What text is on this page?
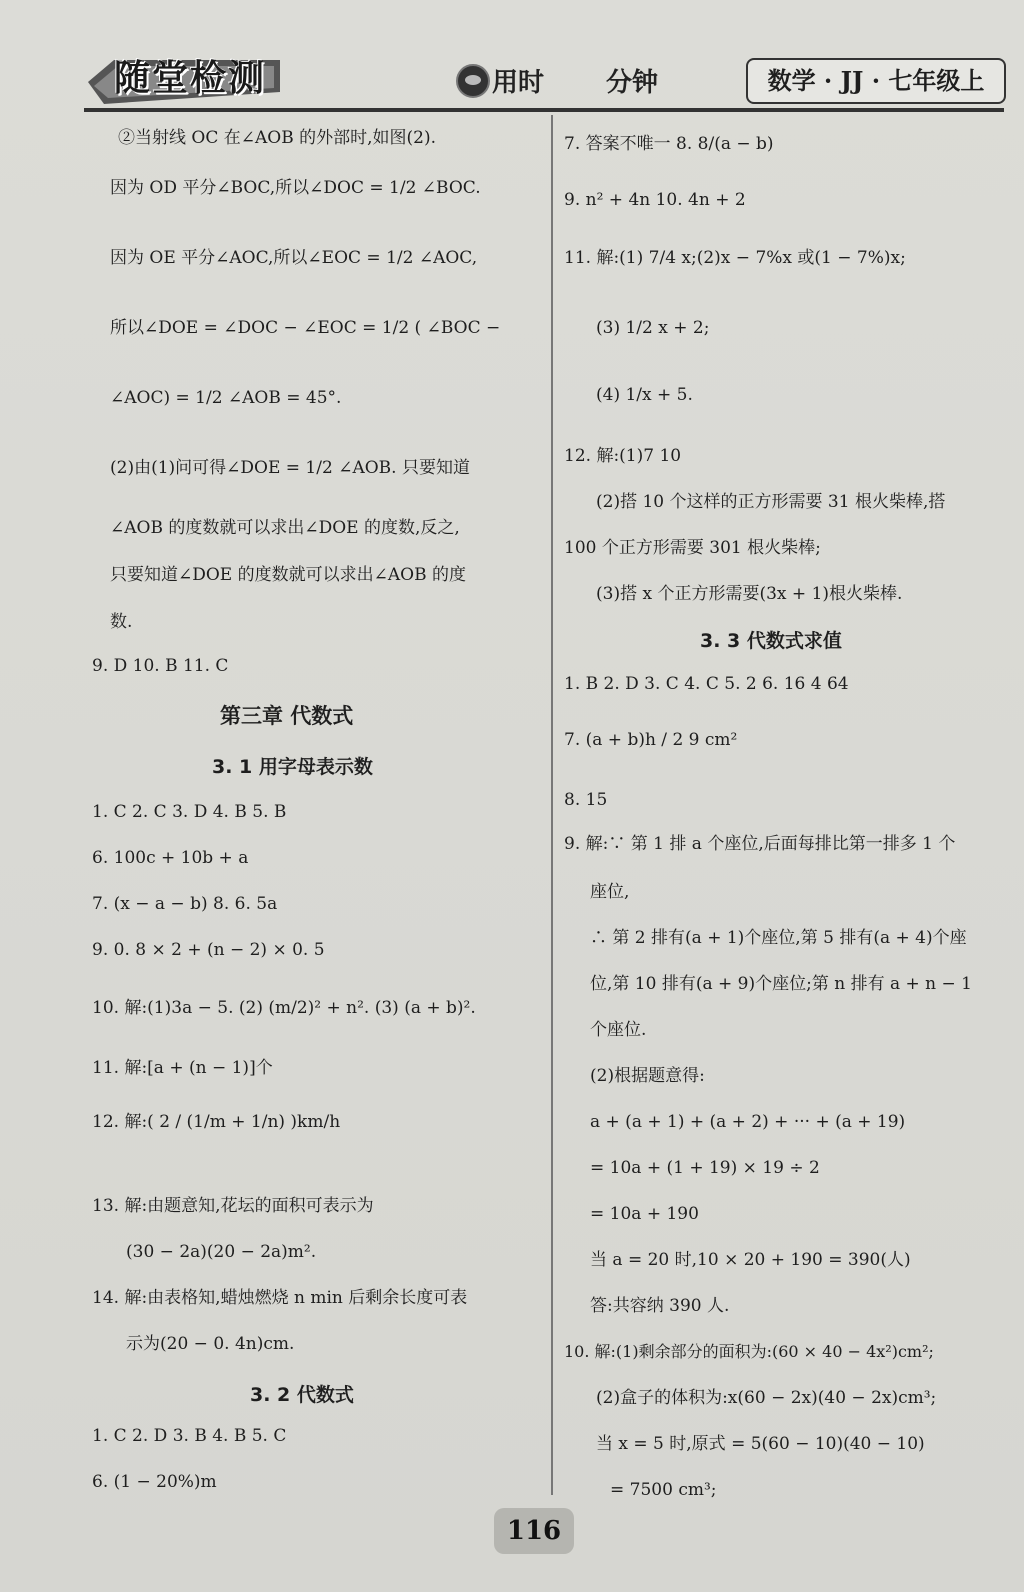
随堂检测	用时 分钟	数学 · JJ · 七年级上
②当射线 OC 在∠AOB 的外部时,如图(2).
因为 OD 平分∠BOC,所以∠DOC = 1/2 ∠BOC.
因为 OE 平分∠AOC,所以∠EOC = 1/2 ∠AOC,
所以∠DOE = ∠DOC − ∠EOC = 1/2 ( ∠BOC −
∠AOC) = 1/2 ∠AOB = 45°.
(2)由(1)问可得∠DOE = 1/2 ∠AOB. 只要知道
∠AOB 的度数就可以求出∠DOE 的度数,反之,
只要知道∠DOE 的度数就可以求出∠AOB 的度
数.
9. D 10. B 11. C
第三章 代数式
3. 1 用字母表示数
1. C 2. C 3. D 4. B 5. B
6. 100c + 10b + a
7. (x − a − b) 8. 6. 5a
9. 0. 8 × 2 + (n − 2) × 0. 5
10. 解:(1)3a − 5. (2) (m/2)² + n². (3) (a + b)².
11. 解:[a + (n − 1)]个
12. 解:( 2 / (1/m + 1/n) )km/h
13. 解:由题意知,花坛的面积可表示为
(30 − 2a)(20 − 2a)m².
14. 解:由表格知,蜡烛燃烧 n min 后剩余长度可表
示为(20 − 0. 4n)cm.
3. 2 代数式
1. C 2. D 3. B 4. B 5. C
6. (1 − 20%)m
7. 答案不唯一 8. 8/(a − b)
9. n² + 4n 10. 4n + 2
11. 解:(1) 7/4 x;(2)x − 7%x 或(1 − 7%)x;
(3) 1/2 x + 2;
(4) 1/x + 5.
12. 解:(1)7 10
(2)搭 10 个这样的正方形需要 31 根火柴棒,搭
100 个正方形需要 301 根火柴棒;
(3)搭 x 个正方形需要(3x + 1)根火柴棒.
3. 3 代数式求值
1. B 2. D 3. C 4. C 5. 2 6. 16 4 64
7. (a + b)h / 2 9 cm²
8. 15
9. 解:∵ 第 1 排 a 个座位,后面每排比第一排多 1 个
座位,
∴ 第 2 排有(a + 1)个座位,第 5 排有(a + 4)个座
位,第 10 排有(a + 9)个座位;第 n 排有 a + n − 1
个座位.
(2)根据题意得:
a + (a + 1) + (a + 2) + ··· + (a + 19)
= 10a + (1 + 19) × 19 ÷ 2
= 10a + 190
当 a = 20 时,10 × 20 + 190 = 390(人)
答:共容纳 390 人.
10. 解:(1)剩余部分的面积为:(60 × 40 − 4x²)cm²;
(2)盒子的体积为:x(60 − 2x)(40 − 2x)cm³;
当 x = 5 时,原式 = 5(60 − 10)(40 − 10)
= 7500 cm³;
116
